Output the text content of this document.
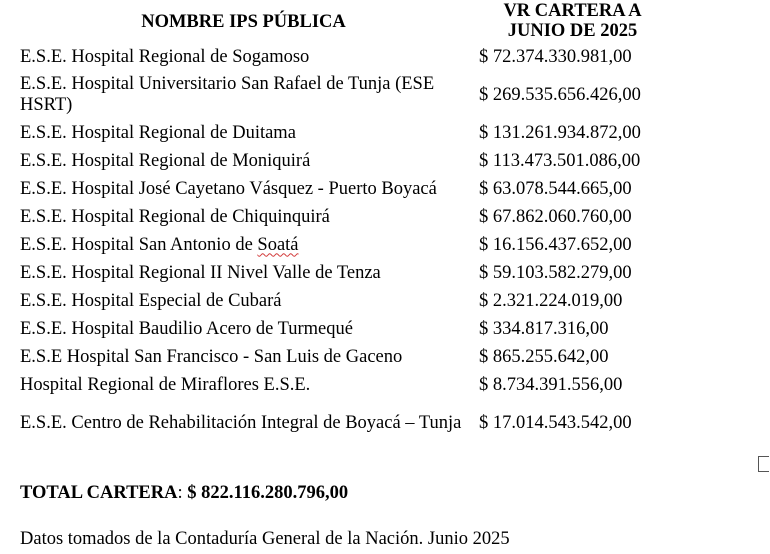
NOMBRE IPS PÚBLICA	VR CARTERA A JUNIO DE 2025
E.S.E. Hospital Regional de Sogamoso	$ 72.374.330.981,00
E.S.E. Hospital Universitario San Rafael de Tunja (ESE HSRT)	$ 269.535.656.426,00
E.S.E. Hospital Regional de Duitama	$ 131.261.934.872,00
E.S.E. Hospital Regional de Moniquirá	$ 113.473.501.086,00
E.S.E. Hospital José Cayetano Vásquez - Puerto Boyacá	$ 63.078.544.665,00
E.S.E. Hospital Regional de Chiquinquirá	$ 67.862.060.760,00
E.S.E. Hospital San Antonio de Soatá	$ 16.156.437.652,00
E.S.E. Hospital Regional II Nivel Valle de Tenza	$ 59.103.582.279,00
E.S.E. Hospital Especial de Cubará	$ 2.321.224.019,00
E.S.E. Hospital Baudilio Acero de Turmequé	$ 334.817.316,00
E.S.E Hospital San Francisco - San Luis de Gaceno	$ 865.255.642,00
Hospital Regional de Miraflores E.S.E.	$ 8.734.391.556,00
E.S.E. Centro de Rehabilitación Integral de Boyacá – Tunja	$ 17.014.543.542,00
TOTAL CARTERA: $ 822.116.280.796,00
Datos tomados de la Contaduría General de la Nación. Junio 2025
